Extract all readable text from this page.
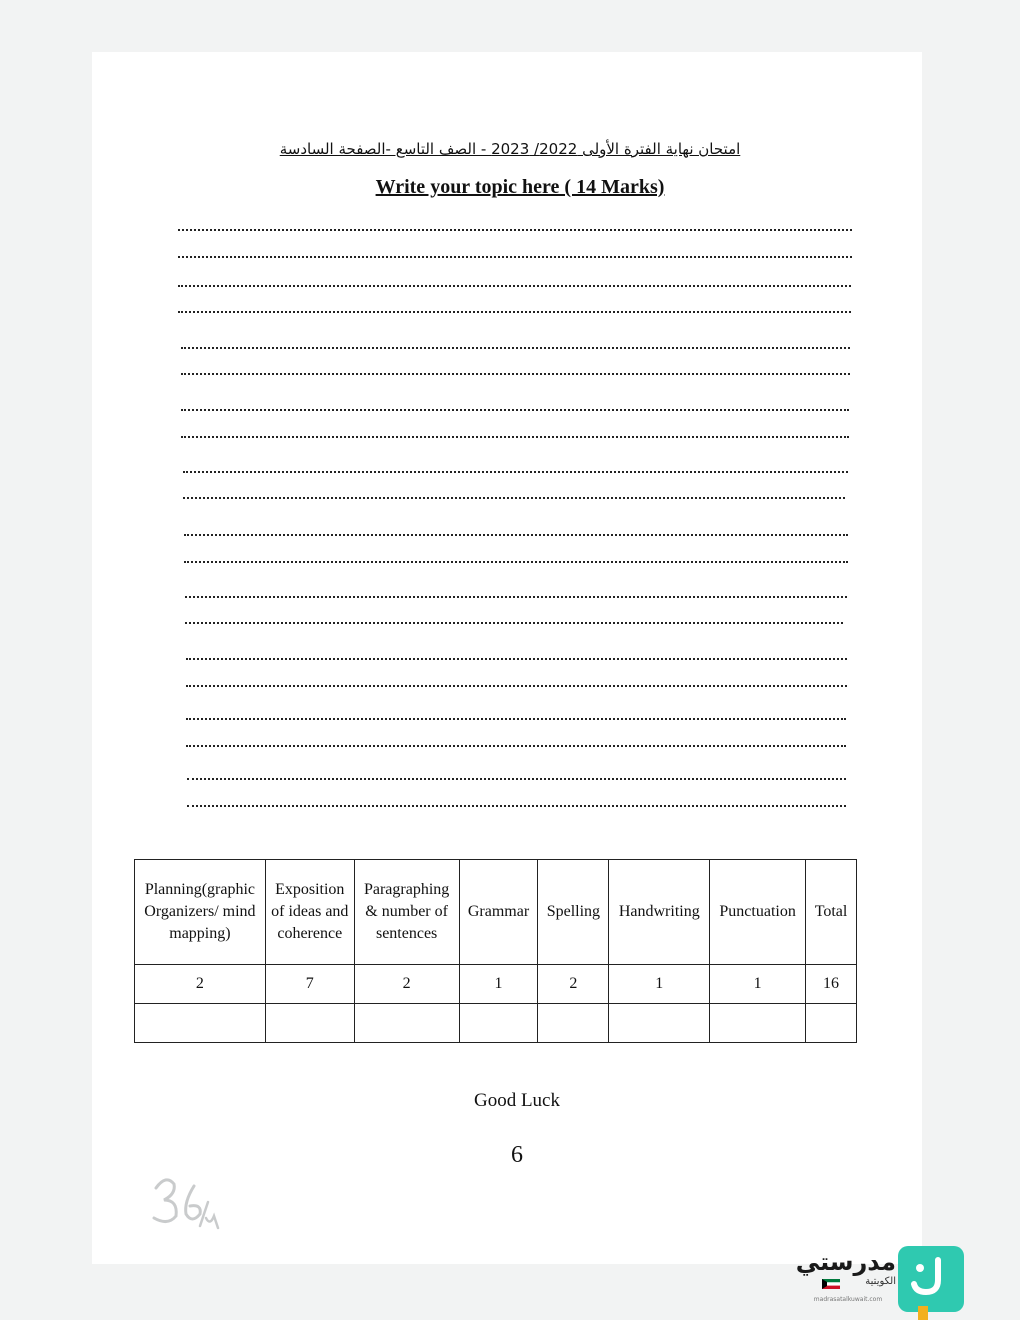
امتحان نهاية الفترة الأولى 2022/ 2023 - الصف التاسع -الصفحة السادسة
Write your topic here ( 14 Marks)
Planning(graphic Organizers/ mind mapping)	Exposition of ideas and coherence	Paragraphing & number of sentences	Grammar	Spelling	Handwriting	Punctuation	Total
2	7	2	1	2	1	1	16

Good Luck
6
مدرستي
الكويتية
madrasatalkuwait.com
